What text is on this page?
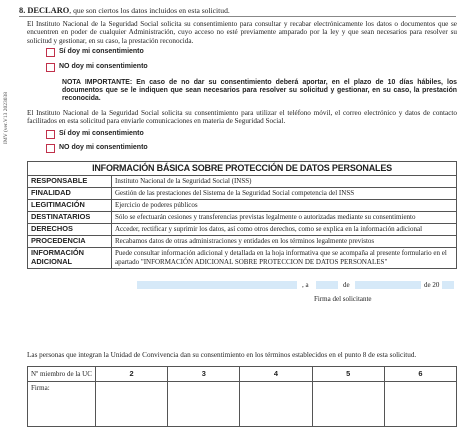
IMV (ver.V13 2023038
8. DECLARO, que son ciertos los datos incluidos en esta solicitud.
El Instituto Nacional de la Seguridad Social solicita su consentimiento para consultar y recabar electrónicamente los datos o documentos que se encuentren en poder de cualquier Administración, cuyo acceso no esté previamente amparado por la ley y que sean necesarios para resolver su solicitud y gestionar, en su caso, la prestación reconocida.
Sí doy mi consentimiento
NO doy mi consentimiento
NOTA IMPORTANTE: En caso de no dar su consentimiento deberá aportar, en el plazo de 10 días hábiles, los documentos que se le indiquen que sean necesarios para resolver su solicitud y gestionar, en su caso, la prestación reconocida.
El Instituto Nacional de la Seguridad Social solicita su consentimiento para utilizar el teléfono móvil, el correo electrónico y datos de contacto facilitados en esta solicitud para enviarle comunicaciones en materia de Seguridad Social.
Sí doy mi consentimiento
NO doy mi consentimiento
INFORMACIÓN BÁSICA SOBRE PROTECCIÓN DE DATOS PERSONALES	
RESPONSABLE	Instituto Nacional de la Seguridad Social (INSS)
FINALIDAD	Gestión de las prestaciones del Sistema de la Seguridad Social competencia del INSS
LEGITIMACIÓN	Ejercicio de poderes públicos
DESTINATARIOS	Sólo se efectuarán cesiones y transferencias previstas legalmente o autorizadas mediante su consentimiento
DERECHOS	Acceder, rectificar y suprimir los datos, así como otros derechos, como se explica en la información adicional
PROCEDENCIA	Recabamos datos de otras administraciones y entidades en los términos legalmente previstos
INFORMACIÓN ADICIONAL	Puede consultar información adicional y detallada en la hoja informativa que se acompaña al presente formulario en el apartado "INFORMACIÓN ADICIONAL SOBRE PROTECCION DE DATOS PERSONALES"
, a	de	de 20
Firma del solicitante
Las personas que integran la Unidad de Convivencia dan su consentimiento en los términos establecidos en el punto 8 de esta solicitud.
Nº miembro de la UC	2	3	4	5	6
Firma:					
